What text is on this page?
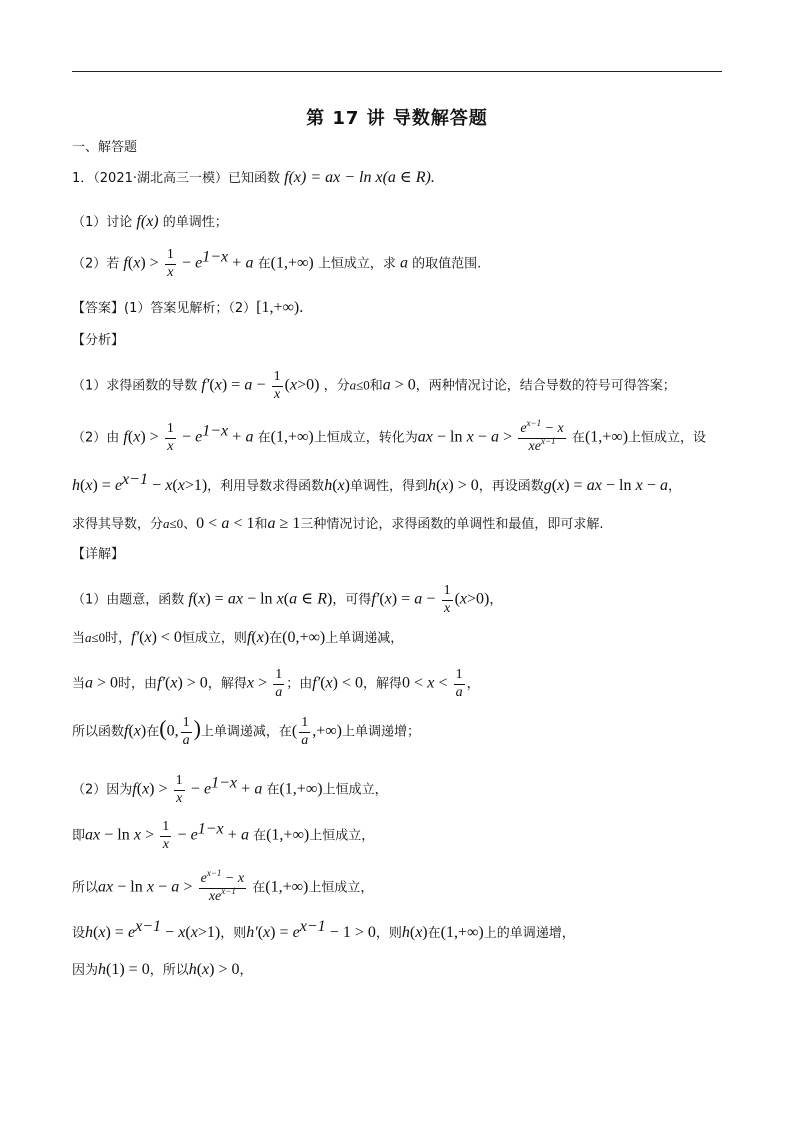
第 17 讲 导数解答题
一、解答题
1．（2021·湖北高三一模）已知函数 f(x) = ax − ln x(a ∈ R).
（1）讨论 f(x) 的单调性；
（2）若 $f(x) > \frac{1}{x} - e^{1-x} + a$ 在(1,+∞) 上恒成立，求 a 的取值范围.
【答案】(1）答案见解析；（2）[1,+∞).
【分析】
（1）求得函数的导数 $f'(x) = a - \frac{1}{x} (x>0)$ ，分a≤0和a > 0，两种情况讨论，结合导数的符号可得答案；
（2）由 $f(x) > \frac{1}{x} - e^{1-x} + a$ 在(1,+∞)上恒成立，转化为ax − $\ln x - a > \frac{e^{x-1} - x}{xe^{x-1}}$ 在(1,+∞)上恒成立，设
$h(x) = e^{x-1} - x(x>1)$，利用导数求得函数h(x)单调性，得到h(x) > 0，再设函数g(x) = ax − ln x − a，
求得其导数，分a≤0、0 < a < 1和a ≥ 1三种情况讨论，求得函数的单调性和最值，即可求解.
【详解】
（1）由题意，函数 f(x) = ax − ln x(a ∈ R)，可得$f'(x) = a - \frac{1}{x} (x>0)$，
当a≤0时，f′(x) < 0恒成立，则f(x)在(0,+∞)上单调递减，
当a > 0时，由f′(x) > 0，解得$x > \frac{1}{a}$ ；由f′(x) < 0，解得$0 < x < \frac{1}{a}$ ，
所以函数f(x)在(0, $\frac{1}{a}$ )上单调递减，在( $\frac{1}{a}$ ,+∞)上单调递增；
（2）因为$f(x) > \frac{1}{x} - e^{1-x} + a$ 在(1,+∞)上恒成立，
即ax − $\ln x > \frac{1}{x} - e^{1-x} + a$ 在(1,+∞)上恒成立，
所以ax − $\ln x - a > \frac{e^{x-1} - x}{xe^{x-1}}$ 在(1,+∞)上恒成立，
设$h(x) = e^{x-1} - x(x>1)$，则$h'(x) = e^{x-1} - 1 > 0$，则h(x)在(1,+∞)上的单调递增，
因为h(1) = 0，所以h(x) > 0，
